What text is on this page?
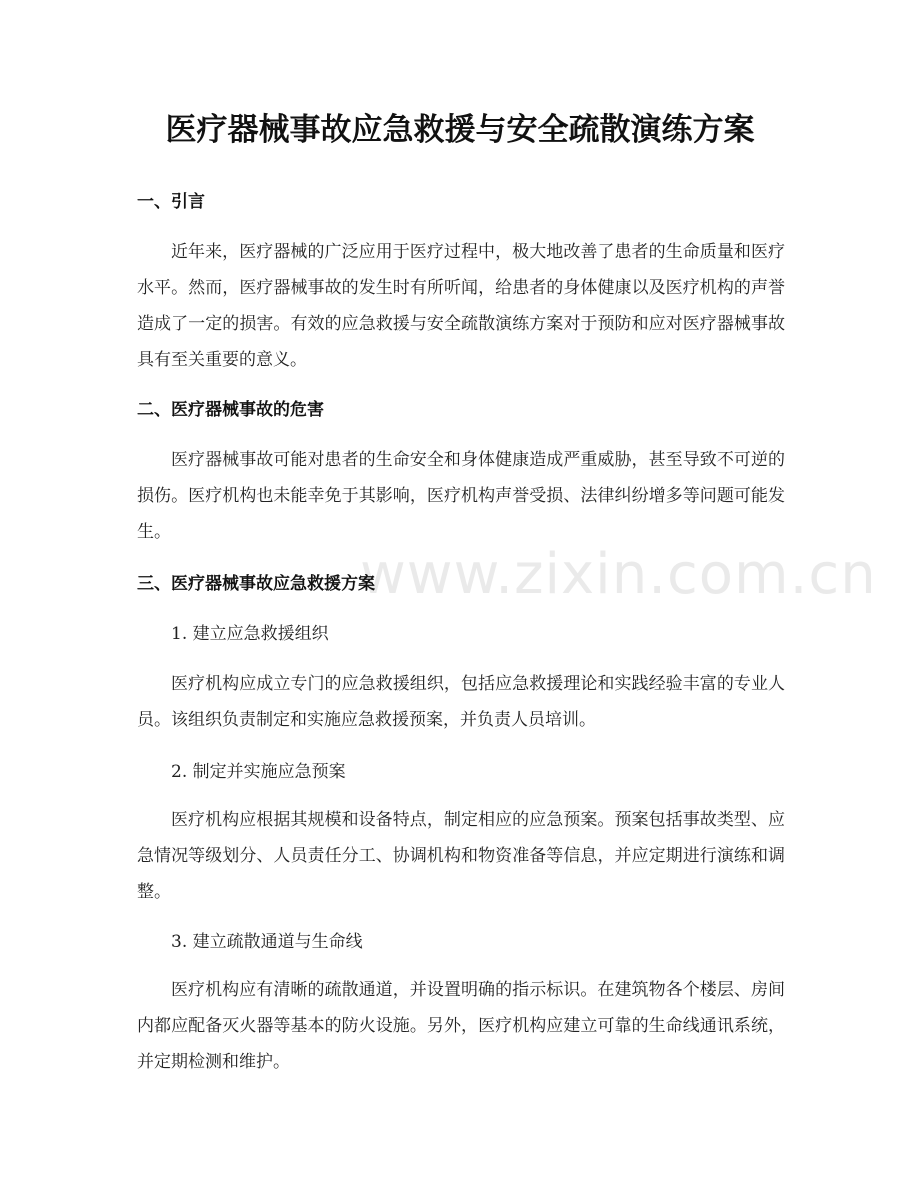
www.zixin.com.cn
医疗器械事故应急救援与安全疏散演练方案
一、引言

近年来，医疗器械的广泛应用于医疗过程中，极大地改善了患者的生命质量和医疗水平。然而，医疗器械事故的发生时有所听闻，给患者的身体健康以及医疗机构的声誉造成了一定的损害。有效的应急救援与安全疏散演练方案对于预防和应对医疗器械事故具有至关重要的意义。

二、医疗器械事故的危害

医疗器械事故可能对患者的生命安全和身体健康造成严重威胁，甚至导致不可逆的损伤。医疗机构也未能幸免于其影响，医疗机构声誉受损、法律纠纷增多等问题可能发生。

三、医疗器械事故应急救援方案
1. 建立应急救援组织

医疗机构应成立专门的应急救援组织，包括应急救援理论和实践经验丰富的专业人员。该组织负责制定和实施应急救援预案，并负责人员培训。

2. 制定并实施应急预案

医疗机构应根据其规模和设备特点，制定相应的应急预案。预案包括事故类型、应急情况等级划分、人员责任分工、协调机构和物资准备等信息，并应定期进行演练和调整。

3. 建立疏散通道与生命线

医疗机构应有清晰的疏散通道，并设置明确的指示标识。在建筑物各个楼层、房间内都应配备灭火器等基本的防火设施。另外，医疗机构应建立可靠的生命线通讯系统，并定期检测和维护。
